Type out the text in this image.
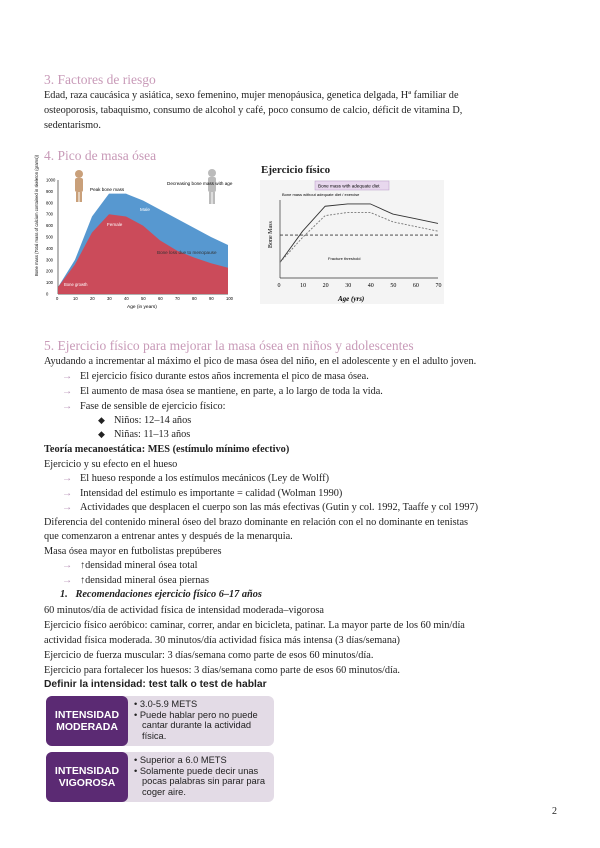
3. Factores de riesgo
Edad, raza caucásica y asiática, sexo femenino, mujer menopáusica, genetica delgada, Hª familiar de
osteoporosis, tabaquismo, consumo de alcohol y café, poco consumo de calcio, déficit de vitamina D,
sedentarismo.
4. Pico de masa ósea
0	10	20	30	40	50	60	70	80	90	100
0
100
200
300
400
500
600
700
800
900
1000
Peak bone mass
Decreasing bone mass with age
Male
Female
Bone loss due to menopause
Bone growth
Age (in years)
Bone mass (Total mass of calcium contained in skeleton (grams))	Ejercicio físico
Bone mass with adequate diet
Bone mass without adequate diet / exercise
0	10	20	30	40	50	60	70
Fracture threshold
Age (yrs)
Bone Mass
5. Ejercicio físico para mejorar la masa ósea en niños y adolescentes
Ayudando a incrementar al máximo el pico de masa ósea del niño, en el adolescente y en el adulto joven.
→ El ejercicio físico durante estos años incrementa el pico de masa ósea.
→ El aumento de masa ósea se mantiene, en parte, a lo largo de toda la vida.
→ Fase de sensible de ejercicio físico:
◆ Niños: 12–14 años
◆ Niñas: 11–13 años
Teoría mecanoestática: MES (estímulo mínimo efectivo)
Ejercicio y su efecto en el hueso
→ El hueso responde a los estímulos mecánicos (Ley de Wolff)
→ Intensidad del estímulo es importante = calidad (Wolman 1990)
→ Actividades que desplacen el cuerpo son las más efectivas (Gutin y col. 1992, Taaffe y col 1997)
Diferencia del contenido mineral óseo del brazo dominante en relación con el no dominante en tenistas
que comenzaron a entrenar antes y después de la menarquia.
Masa ósea mayor en futbolistas prepúberes
→ ↑densidad mineral ósea total
→ ↑densidad mineral ósea piernas
1. Recomendaciones ejercicio físico 6–17 años
60 minutos/día de actividad física de intensidad moderada–vigorosa
Ejercicio físico aeróbico: caminar, correr, andar en bicicleta, patinar. La mayor parte de los 60 min/día
actividad física moderada. 30 minutos/día actividad física más intensa (3 días/semana)
Ejercicio de fuerza muscular: 3 días/semana como parte de esos 60 minutos/día.
Ejercicio para fortalecer los huesos: 3 días/semana como parte de esos 60 minutos/día.
Definir la intensidad: test talk o test de hablar
INTENSIDAD
MODERADA
• 3.0-5.9 METS
• Puede hablar pero no puede cantar durante la actividad física.
INTENSIDAD
VIGOROSA
• Superior a 6.0 METS
• Solamente puede decir unas pocas palabras sin parar para coger aire.
2
